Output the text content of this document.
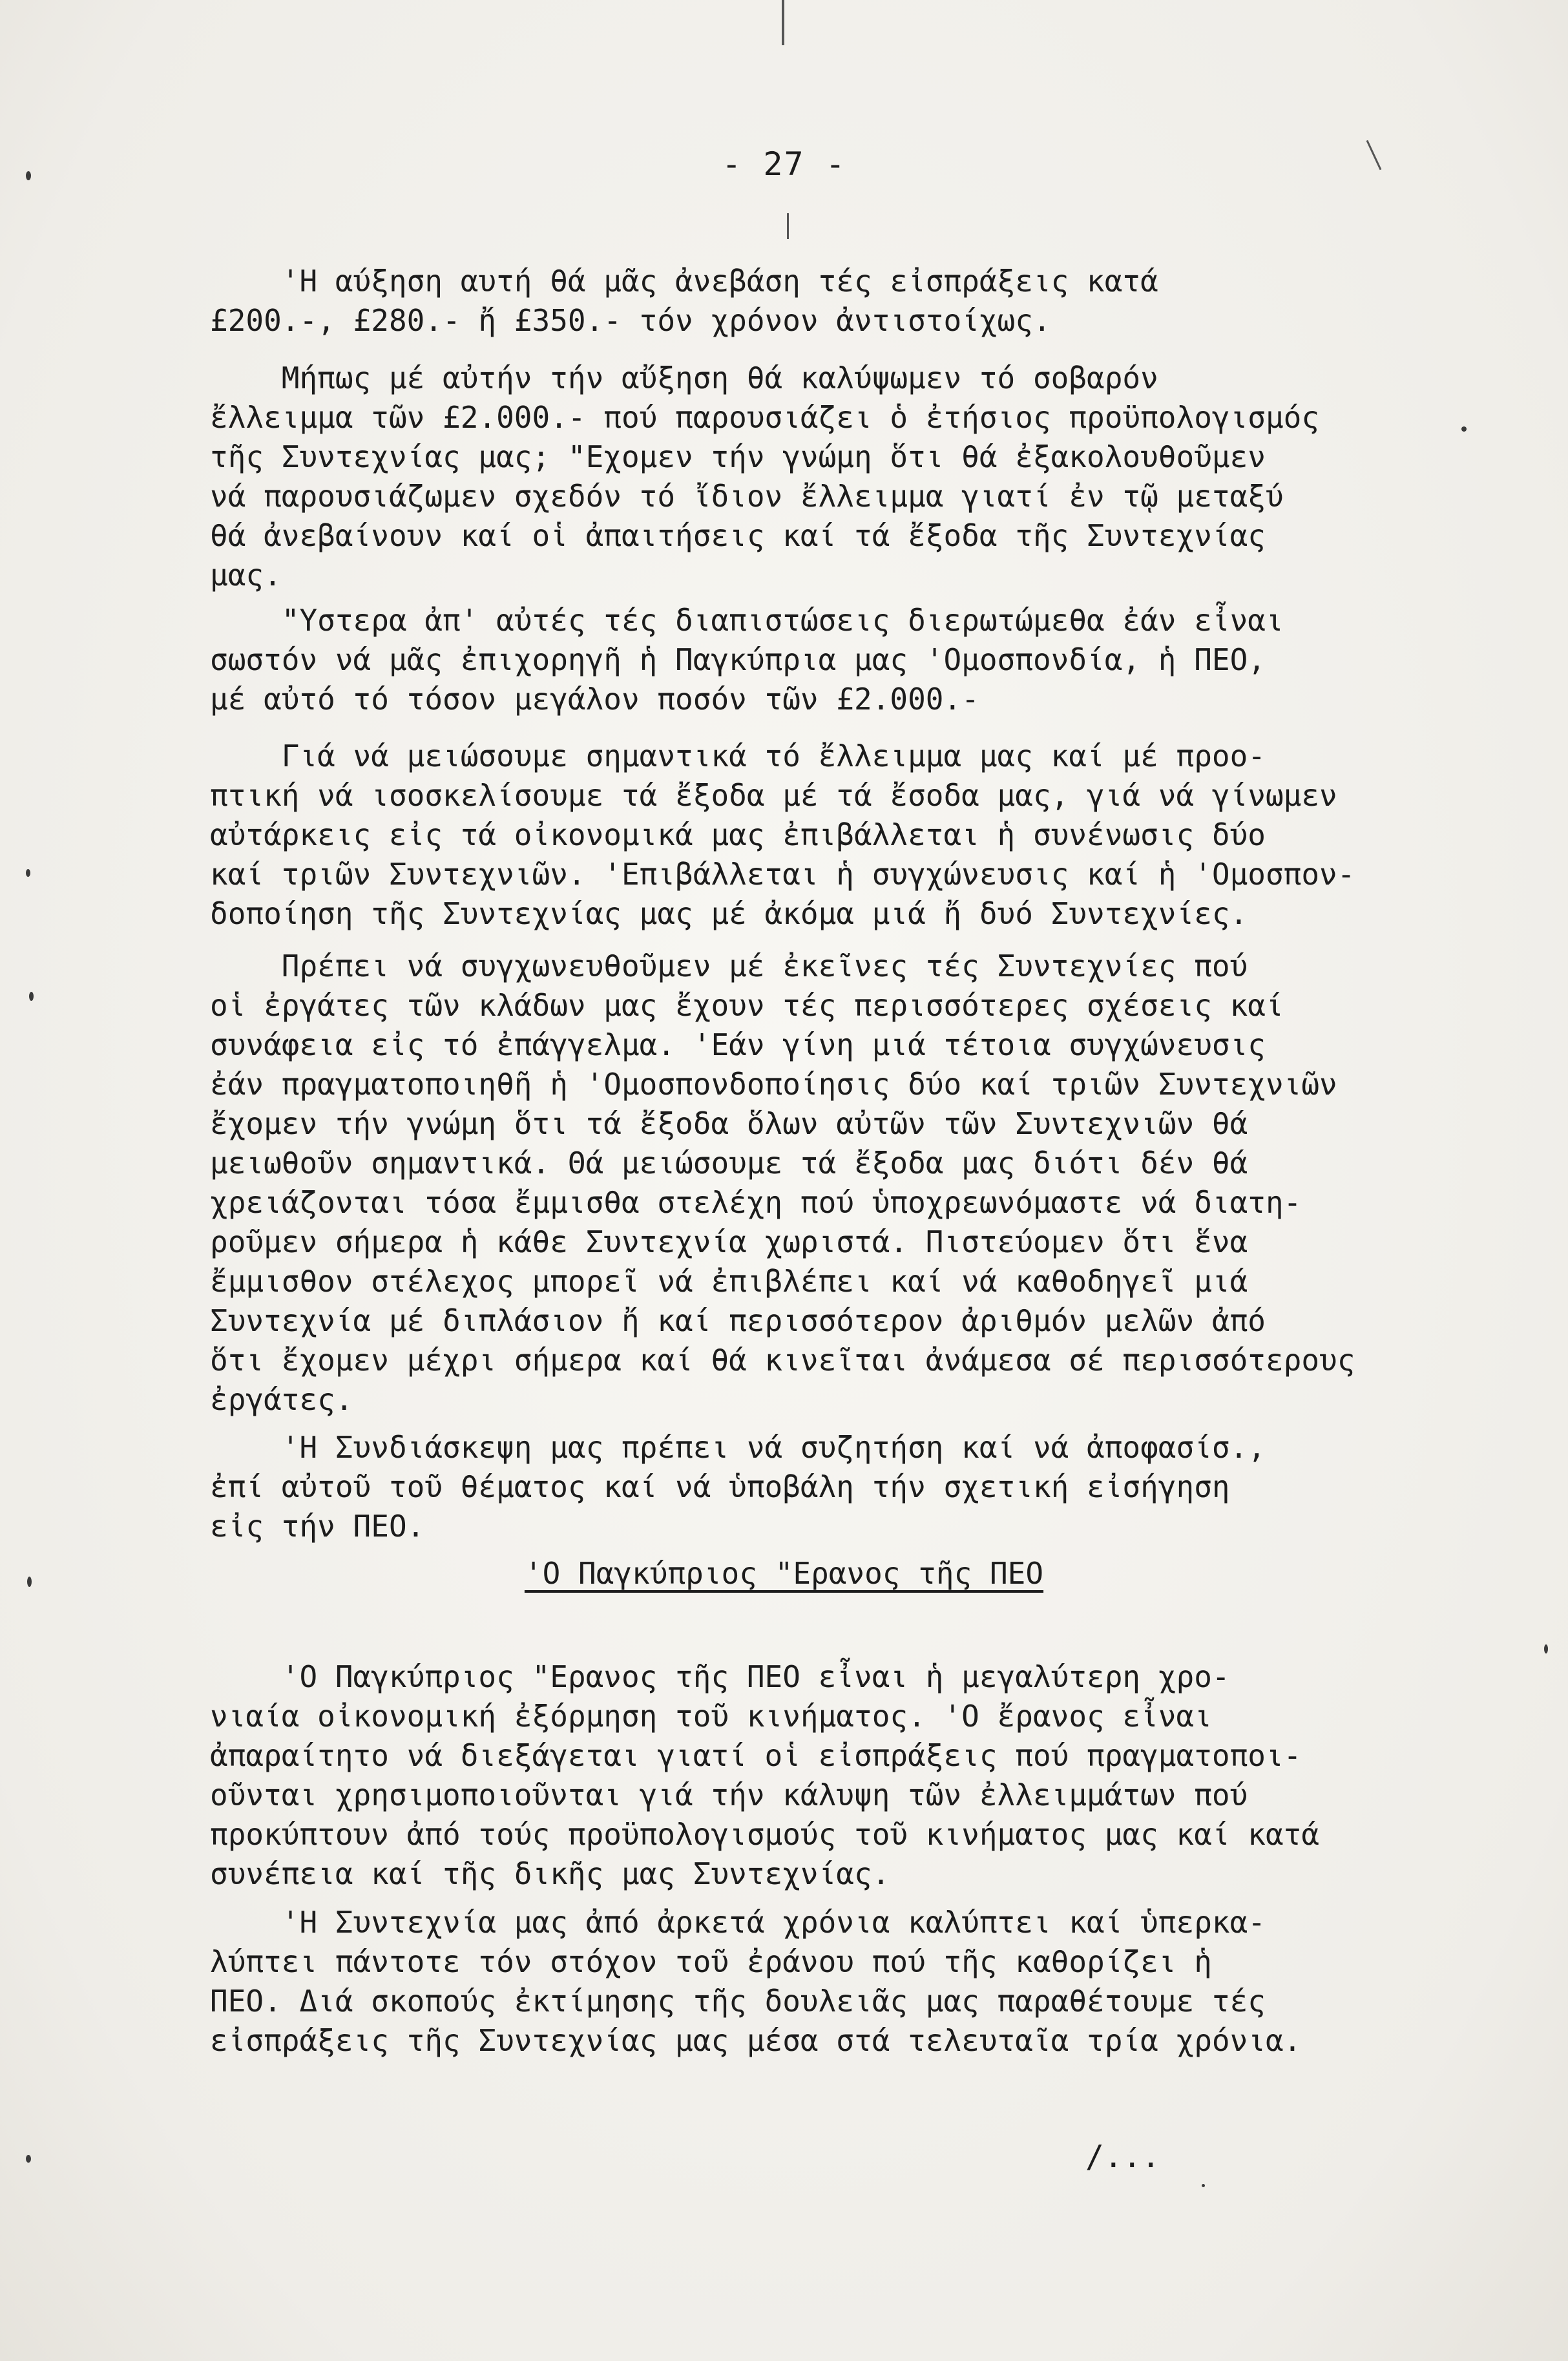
- 27 -
'Η αύξηση αυτή θά μᾶς ἀνεβάση τές εἰσπράξεις κατά
£200.-, £280.- ἤ £350.- τόν χρόνον ἀντιστοίχως.
Μήπως μέ αὐτήν τήν αὔξηση θά καλύψωμεν τό σοβαρόν
ἔλλειμμα τῶν £2.000.- πού παρουσιάζει ὁ ἐτήσιος προϋπολογισμός
τῆς Συντεχνίας μας; "Εχομεν τήν γνώμη ὅτι θά ἐξακολουθοῦμεν
νά παρουσιάζωμεν σχεδόν τό ἴδιον ἔλλειμμα γιατί ἐν τῷ μεταξύ
θά ἀνεβαίνουν καί οἱ ἀπαιτήσεις καί τά ἔξοδα τῆς Συντεχνίας
μας.
"Υστερα ἀπ' αὐτές τές διαπιστώσεις διερωτώμεθα ἐάν εἶναι
σωστόν νά μᾶς ἐπιχορηγῆ ἡ Παγκύπρια μας 'Ομοσπονδία, ἡ ΠΕΟ,
μέ αὐτό τό τόσον μεγάλον ποσόν τῶν £2.000.-
Γιά νά μειώσουμε σημαντικά τό ἔλλειμμα μας καί μέ προο-
πτική νά ισοσκελίσουμε τά ἔξοδα μέ τά ἔσοδα μας, γιά νά γίνωμεν
αὐτάρκεις εἰς τά οἰκονομικά μας ἐπιβάλλεται ἡ συνένωσις δύο
καί τριῶν Συντεχνιῶν. 'Επιβάλλεται ἡ συγχώνευσις καί ἡ 'Ομοσπον-
δοποίηση τῆς Συντεχνίας μας μέ ἀκόμα μιά ἤ δυό Συντεχνίες.
Πρέπει νά συγχωνευθοῦμεν μέ ἐκεῖνες τές Συντεχνίες πού
οἱ ἐργάτες τῶν κλάδων μας ἔχουν τές περισσότερες σχέσεις καί
συνάφεια εἰς τό ἐπάγγελμα. 'Εάν γίνη μιά τέτοια συγχώνευσις
ἐάν πραγματοποιηθῆ ἡ 'Ομοσπονδοποίησις δύο καί τριῶν Συντεχνιῶν
ἔχομεν τήν γνώμη ὅτι τά ἔξοδα ὅλων αὐτῶν τῶν Συντεχνιῶν θά
μειωθοῦν σημαντικά. Θά μειώσουμε τά ἔξοδα μας διότι δέν θά
χρειάζονται τόσα ἔμμισθα στελέχη πού ὑποχρεωνόμαστε νά διατη-
ροῦμεν σήμερα ἡ κάθε Συντεχνία χωριστά. Πιστεύομεν ὅτι ἕνα
ἔμμισθον στέλεχος μπορεῖ νά ἐπιβλέπει καί νά καθοδηγεῖ μιά
Συντεχνία μέ διπλάσιον ἤ καί περισσότερον ἀριθμόν μελῶν ἀπό
ὅτι ἔχομεν μέχρι σήμερα καί θά κινεῖται ἀνάμεσα σέ περισσότερους
ἐργάτες.
'Η Συνδιάσκεψη μας πρέπει νά συζητήση καί νά ἀποφασίσ.,
ἐπί αὐτοῦ τοῦ θέματος καί νά ὑποβάλη τήν σχετική εἰσήγηση
εἰς τήν ΠΕΟ.
'Ο Παγκύπριος "Ερανος τῆς ΠΕΟ
'Ο Παγκύπριος "Ερανος τῆς ΠΕΟ εἶναι ἡ μεγαλύτερη χρο-
νιαία οἰκονομική ἐξόρμηση τοῦ κινήματος. 'Ο ἔρανος εἶναι
ἀπαραίτητο νά διεξάγεται γιατί οἱ εἰσπράξεις πού πραγματοποι-
οῦνται χρησιμοποιοῦνται γιά τήν κάλυψη τῶν ἐλλειμμάτων πού
προκύπτουν ἀπό τούς προϋπολογισμούς τοῦ κινήματος μας καί κατά
συνέπεια καί τῆς δικῆς μας Συντεχνίας.
'Η Συντεχνία μας ἀπό ἀρκετά χρόνια καλύπτει καί ὑπερκα-
λύπτει πάντοτε τόν στόχον τοῦ ἐράνου πού τῆς καθορίζει ἡ
ΠΕΟ. Διά σκοπούς ἐκτίμησης τῆς δουλειᾶς μας παραθέτουμε τές
εἰσπράξεις τῆς Συντεχνίας μας μέσα στά τελευταῖα τρία χρόνια.
/...
